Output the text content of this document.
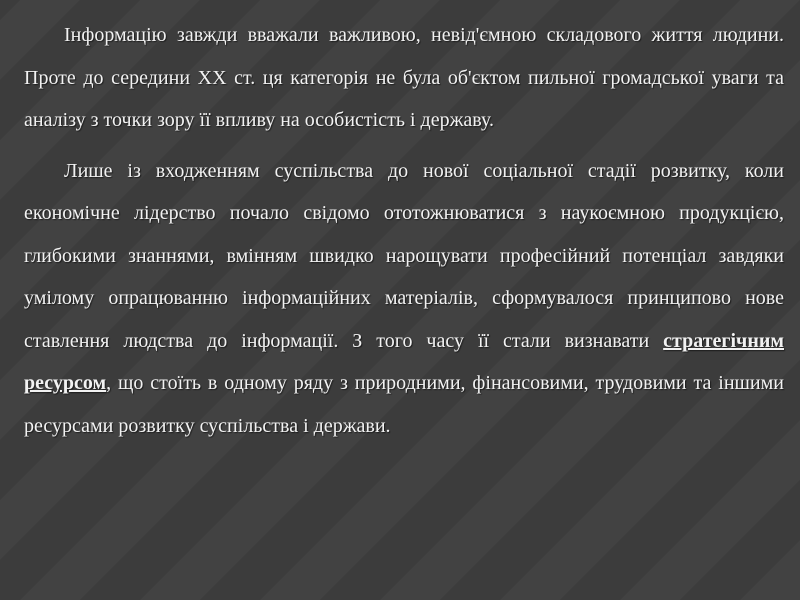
Інформацію завжди вважали важливою, невід'ємною складового життя людини. Проте до середини ХХ ст. ця категорія не була об'єктом пильної громадської уваги та аналізу з точки зору її впливу на особистість і державу.

Лише із входженням суспільства до нової соціальної стадії розвитку, коли економічне лідерство почало свідомо ототожнюватися з наукоємною продукцією, глибокими знаннями, вмінням швидко нарощувати професійний потенціал завдяки умілому опрацюванню інформаційних матеріалів, сформувалося принципово нове ставлення людства до інформації. З того часу її стали визнавати стратегічним ресурсом, що стоїть в одному ряду з природними, фінансовими, трудовими та іншими ресурсами розвитку суспільства і держави.
